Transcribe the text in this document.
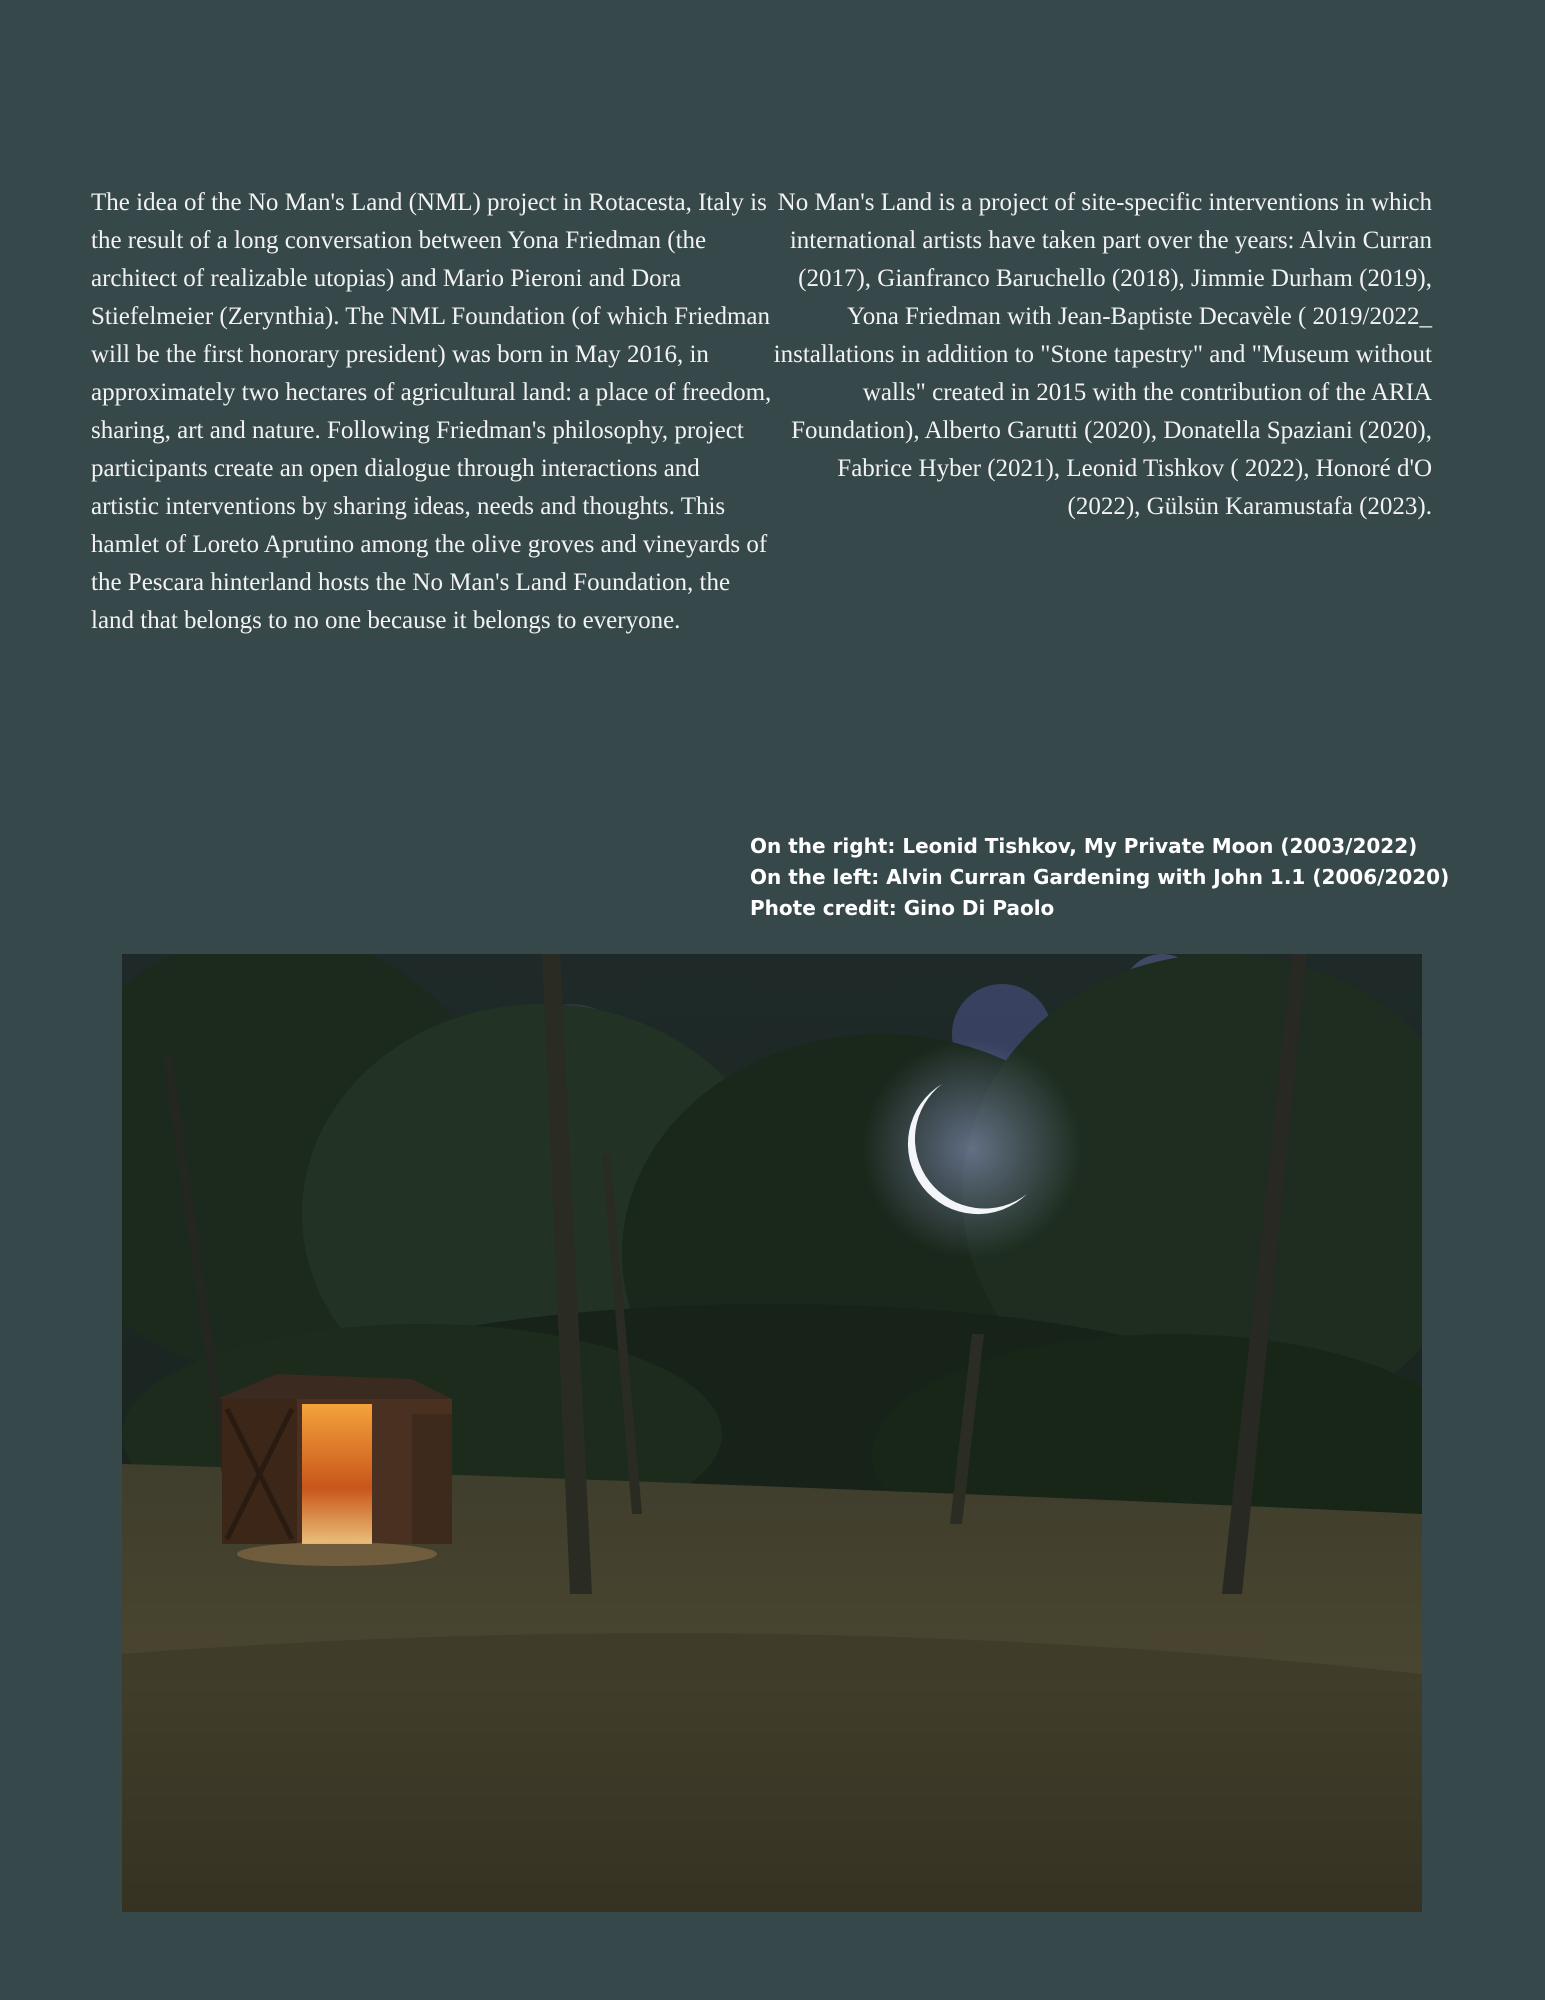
The idea of the No Man's Land (NML) project in Rotacesta, Italy is the result of a long conversation between Yona Friedman (the architect of realizable utopias) and Mario Pieroni and Dora Stiefelmeier (Zerynthia). The NML Foundation (of which Friedman will be the first honorary president) was born in May 2016, in approximately two hectares of agricultural land: a place of freedom, sharing, art and nature. Following Friedman's philosophy, project participants create an open dialogue through interactions and artistic interventions by sharing ideas, needs and thoughts. This hamlet of Loreto Aprutino among the olive groves and vineyards of the Pescara hinterland hosts the No Man's Land Foundation, the land that belongs to no one because it belongs to everyone.

No Man's Land is a project of site-specific interventions in which international artists have taken part over the years: Alvin Curran (2017), Gianfranco Baruchello (2018), Jimmie Durham (2019), Yona Friedman with Jean-Baptiste Decavèle ( 2019/2022_ installations in addition to "Stone tapestry" and "Museum without walls" created in 2015 with the contribution of the ARIA Foundation), Alberto Garutti (2020), Donatella Spaziani (2020), Fabrice Hyber (2021), Leonid Tishkov ( 2022), Honoré d'O (2022), Gülsün Karamustafa (2023).

On the right: Leonid Tishkov, My Private Moon (2003/2022)
On the left: Alvin Curran Gardening with John 1.1 (2006/2020)
Phote credit: Gino Di Paolo
